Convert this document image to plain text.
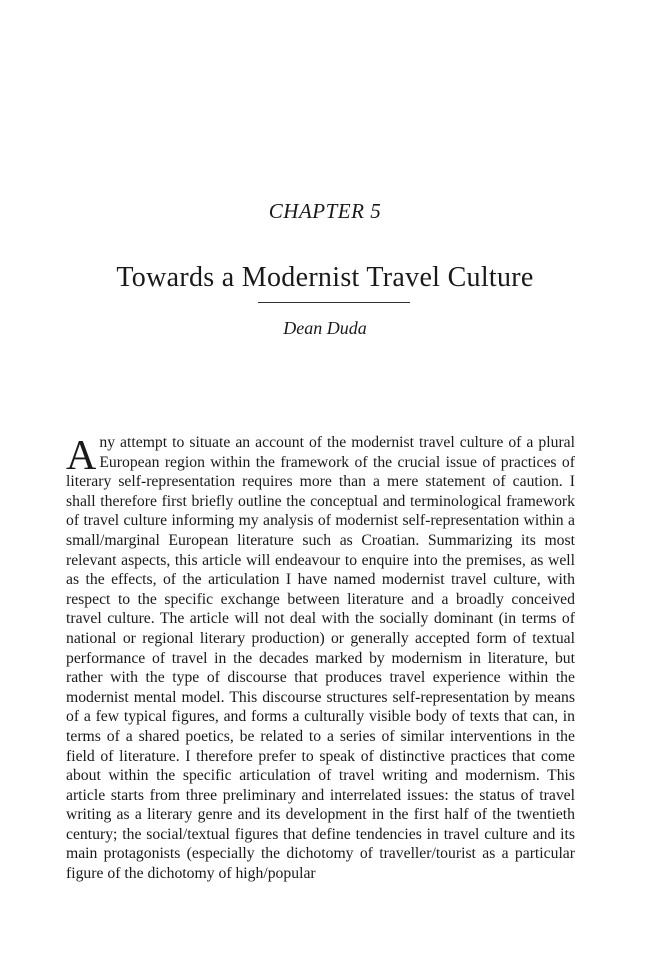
CHAPTER 5
Towards a Modernist Travel Culture
Dean Duda

Any attempt to situate an account of the modernist travel culture of a plural European region within the framework of the crucial issue of practices of literary self-representation requires more than a mere statement of caution. I shall therefore first briefly outline the conceptual and terminological framework of travel culture informing my analysis of modernist self-representation within a small/marginal European literature such as Croatian. Summarizing its most relevant aspects, this article will endeavour to enquire into the premises, as well as the effects, of the articulation I have named modernist travel culture, with respect to the specific exchange between literature and a broadly conceived travel culture. The article will not deal with the socially dominant (in terms of national or regional literary production) or generally accepted form of textual performance of travel in the decades marked by modernism in literature, but rather with the type of discourse that produces travel experience within the modernist mental model. This discourse structures self-representation by means of a few typical figures, and forms a culturally visible body of texts that can, in terms of a shared poetics, be related to a series of similar interventions in the field of literature. I therefore prefer to speak of distinctive practices that come about within the specific articulation of travel writing and modernism. This article starts from three preliminary and interrelated issues: the status of travel writing as a literary genre and its development in the first half of the twentieth century; the social/textual figures that define tendencies in travel culture and its main protagonists (especially the dichotomy of traveller/tourist as a particular figure of the dichotomy of high/popular
